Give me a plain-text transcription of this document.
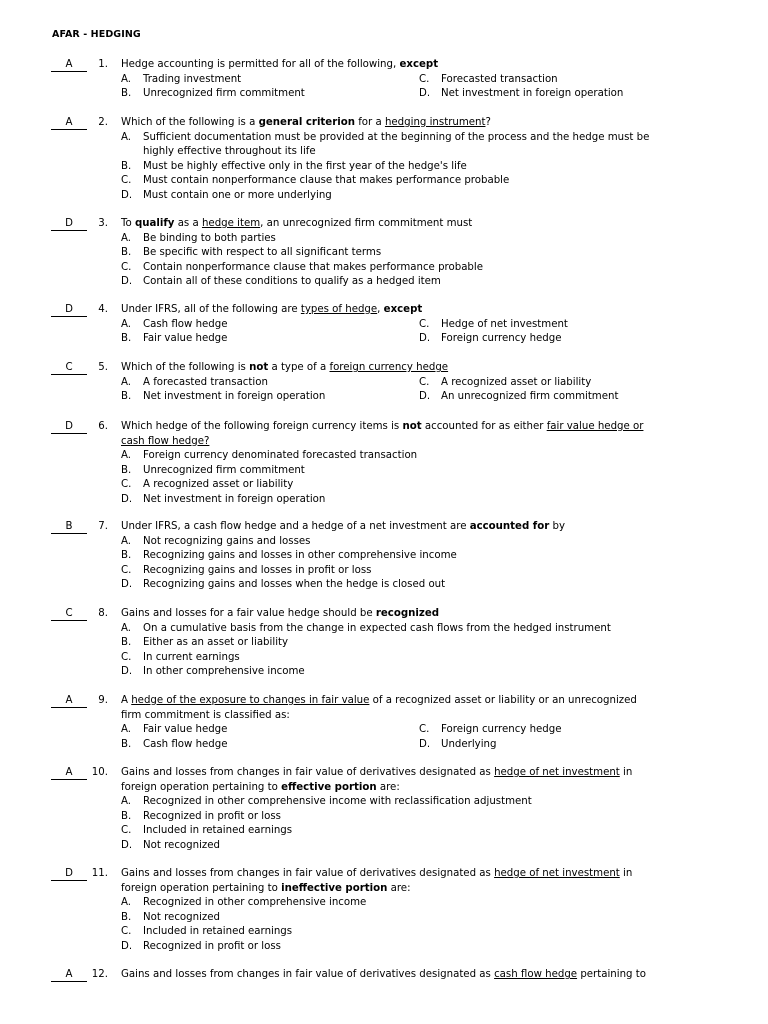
AFAR - HEDGING
A	1. Hedge accounting is permitted for all of the following, except
A. Trading investment	C. Forecasted transaction
B. Unrecognized firm commitment	D. Net investment in foreign operation
A	2. Which of the following is a general criterion for a hedging instrument?
A. Sufficient documentation must be provided at the beginning of the process and the hedge must be highly effective throughout its life
B. Must be highly effective only in the first year of the hedge's life
C. Must contain nonperformance clause that makes performance probable
D. Must contain one or more underlying
D	3. To qualify as a hedge item, an unrecognized firm commitment must
A. Be binding to both parties
B. Be specific with respect to all significant terms
C. Contain nonperformance clause that makes performance probable
D. Contain all of these conditions to qualify as a hedged item
D	4. Under IFRS, all of the following are types of hedge, except
A. Cash flow hedge	C. Hedge of net investment
B. Fair value hedge	D. Foreign currency hedge
C	5. Which of the following is not a type of a foreign currency hedge
A. A forecasted transaction	C. A recognized asset or liability
B. Net investment in foreign operation	D. An unrecognized firm commitment
D	6. Which hedge of the following foreign currency items is not accounted for as either fair value hedge or cash flow hedge?
A. Foreign currency denominated forecasted transaction
B. Unrecognized firm commitment
C. A recognized asset or liability
D. Net investment in foreign operation
B	7. Under IFRS, a cash flow hedge and a hedge of a net investment are accounted for by
A. Not recognizing gains and losses
B. Recognizing gains and losses in other comprehensive income
C. Recognizing gains and losses in profit or loss
D. Recognizing gains and losses when the hedge is closed out
C	8. Gains and losses for a fair value hedge should be recognized
A. On a cumulative basis from the change in expected cash flows from the hedged instrument
B. Either as an asset or liability
C. In current earnings
D. In other comprehensive income
A	9. A hedge of the exposure to changes in fair value of a recognized asset or liability or an unrecognized firm commitment is classified as:
A. Fair value hedge	C. Foreign currency hedge
B. Cash flow hedge	D. Underlying
A	10. Gains and losses from changes in fair value of derivatives designated as hedge of net investment in foreign operation pertaining to effective portion are:
A. Recognized in other comprehensive income with reclassification adjustment
B. Recognized in profit or loss
C. Included in retained earnings
D. Not recognized
D	11. Gains and losses from changes in fair value of derivatives designated as hedge of net investment in foreign operation pertaining to ineffective portion are:
A. Recognized in other comprehensive income
B. Not recognized
C. Included in retained earnings
D. Recognized in profit or loss
A	12. Gains and losses from changes in fair value of derivatives designated as cash flow hedge pertaining to
